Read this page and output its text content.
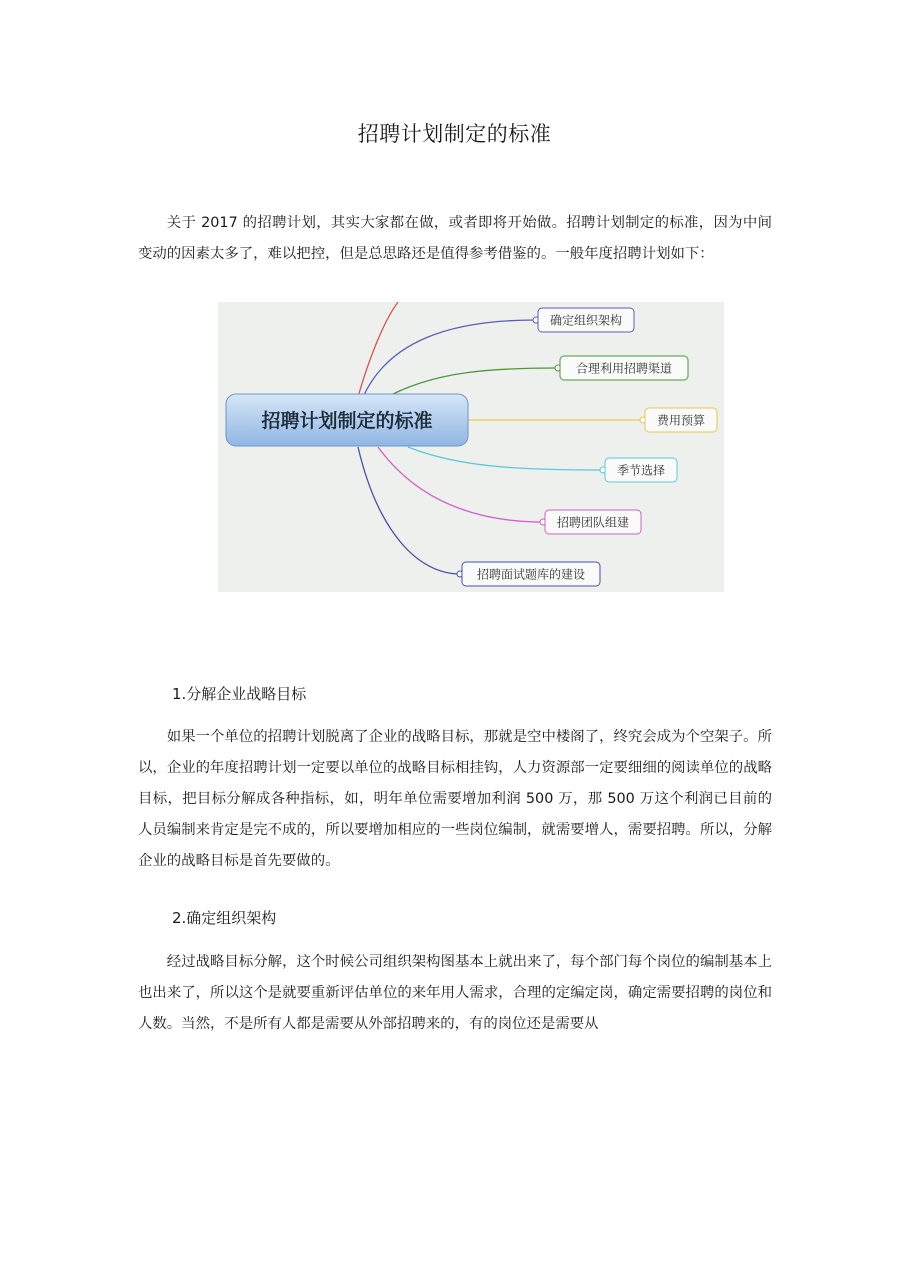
招聘计划制定的标准

关于 2017 的招聘计划，其实大家都在做，或者即将开始做。招聘计划制定的标准，因为中间变动的因素太多了，难以把控，但是总思路还是值得参考借鉴的。一般年度招聘计划如下：

招聘计划制定的标准
确定组织架构
合理利用招聘渠道
费用预算
季节选择
招聘团队组建
招聘面试题库的建设
1.分解企业战略目标

如果一个单位的招聘计划脱离了企业的战略目标，那就是空中楼阁了，终究会成为个空架子。所以，企业的年度招聘计划一定要以单位的战略目标相挂钩，人力资源部一定要细细的阅读单位的战略目标，把目标分解成各种指标，如，明年单位需要增加利润 500 万，那 500 万这个利润已目前的人员编制来肯定是完不成的，所以要增加相应的一些岗位编制，就需要增人，需要招聘。所以，分解企业的战略目标是首先要做的。

2.确定组织架构

经过战略目标分解，这个时候公司组织架构图基本上就出来了，每个部门每个岗位的编制基本上也出来了，所以这个是就要重新评估单位的来年用人需求，合理的定编定岗，确定需要招聘的岗位和人数。当然，不是所有人都是需要从外部招聘来的，有的岗位还是需要从
